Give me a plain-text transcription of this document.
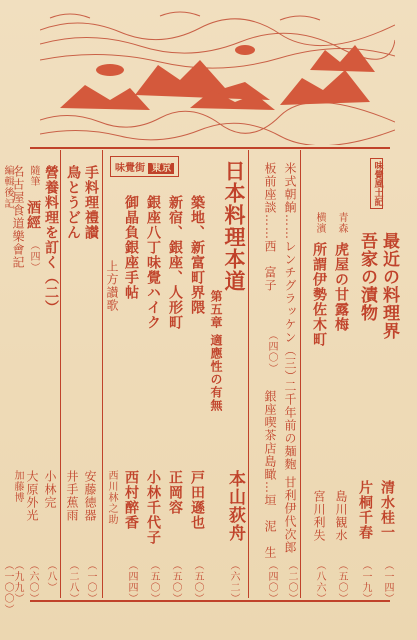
味覺風土記
最近の料理界
清水桂一
（一四）
吾家の漬物
片桐千春
（一九）
青森
虎屋の甘露梅
島川観水
（五〇）
横濱
所謂伊勢佐木町
宮川利失
（八六）
米式朝餉……レンチグラッケン（三）
二千年前の麺麭 甘利伊代次郎
（二〇）
板前座談……西　富子
（四〇）
銀座喫茶店島瞰…垣　泥　生
（四〇）
日本料理本道
第五章 適應性の有無
本山荻舟
（六二）
味覺街 東京
築地、新富町界隈
戸田遜也
（五〇）
新宿、銀座、人形町
正岡容
（五〇）
銀座八丁味覺ハイク
小林千代子
（五〇）
御晶負銀座手帖
西村醉香
（四四）
手料理禮讃
安藤徳器
（一〇）
鳥とうどん
井手蕉雨
（二八）
上方讃歌
西川林之助
營養料理を訂く（二）
小林完
（八）
隨筆
酒經
（四）
大原外光
（六〇）
名古屋食道樂會記
加藤博
（九九）
編輯後記
（一〇〇）
